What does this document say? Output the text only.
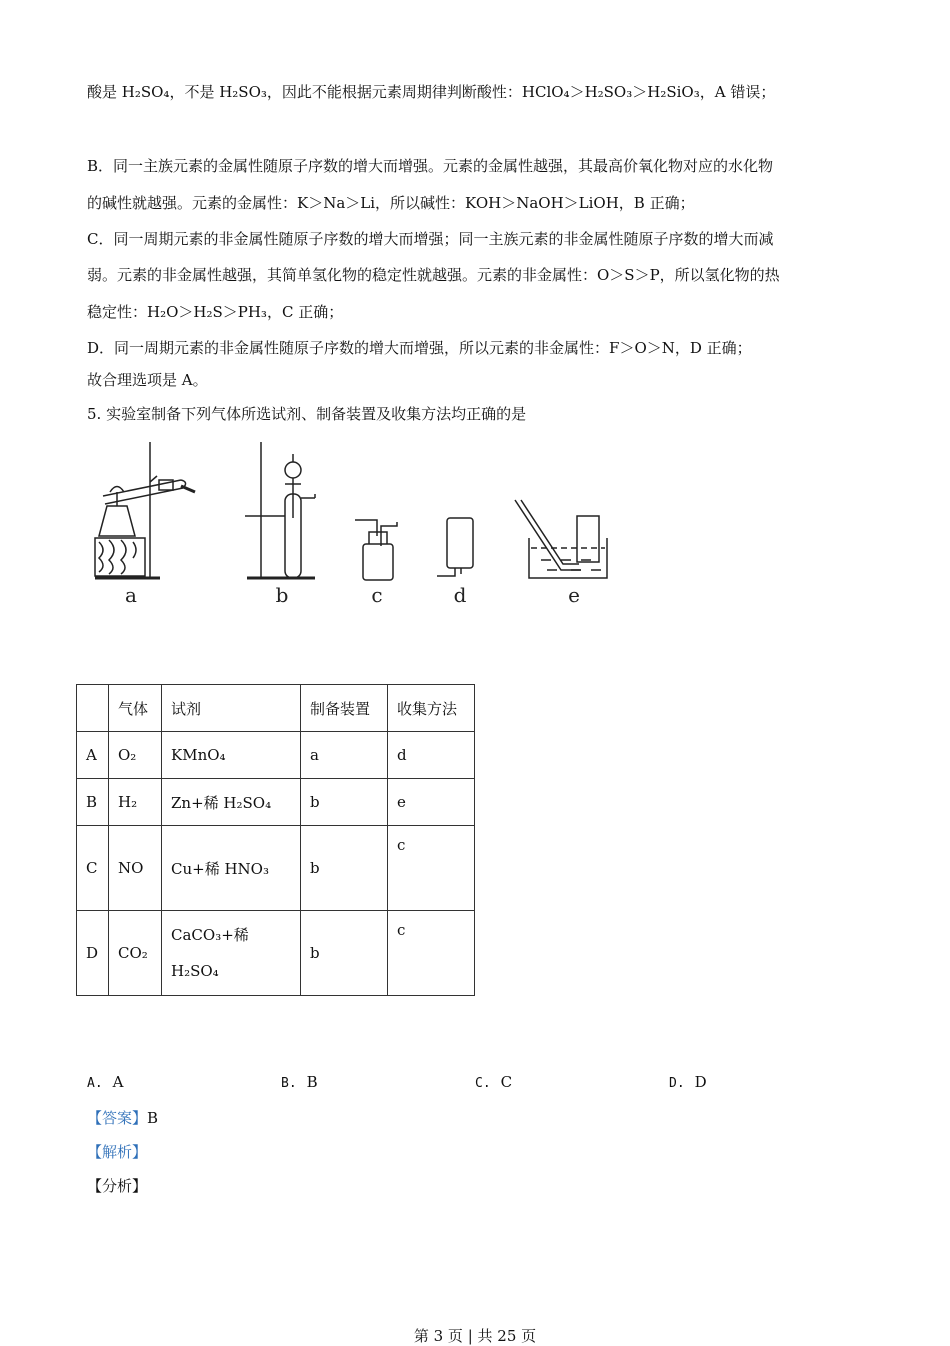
酸是 H₂SO₄，不是 H₂SO₃，因此不能根据元素周期律判断酸性：HClO₄＞H₂SO₃＞H₂SiO₃，A 错误；
B．同一主族元素的金属性随原子序数的增大而增强。元素的金属性越强，其最高价氧化物对应的水化物
的碱性就越强。元素的金属性：K＞Na＞Li，所以碱性：KOH＞NaOH＞LiOH，B 正确；
C．同一周期元素的非金属性随原子序数的增大而增强；同一主族元素的非金属性随原子序数的增大而减
弱。元素的非金属性越强，其简单氢化物的稳定性就越强。元素的非金属性：O＞S＞P，所以氢化物的热
稳定性：H₂O＞H₂S＞PH₃，C 正确；
D．同一周期元素的非金属性随原子序数的增大而增强，所以元素的非金属性：F＞O＞N，D 正确；
故合理选项是 A。
5. 实验室制备下列气体所选试剂、制备装置及收集方法均正确的是
a	b	c	d	e
	气体	试剂	制备装置	收集方法
A	O₂	KMnO₄	a	d
B	H₂	Zn+稀 H₂SO₄	b	e
C	NO	Cu+稀 HNO₃	b	c
D	CO₂	CaCO₃+稀 H₂SO₄	b	c
A. A	B. B	C. C	D. D
【答案】B
【解析】
【分析】
第 3 页 | 共 25 页
